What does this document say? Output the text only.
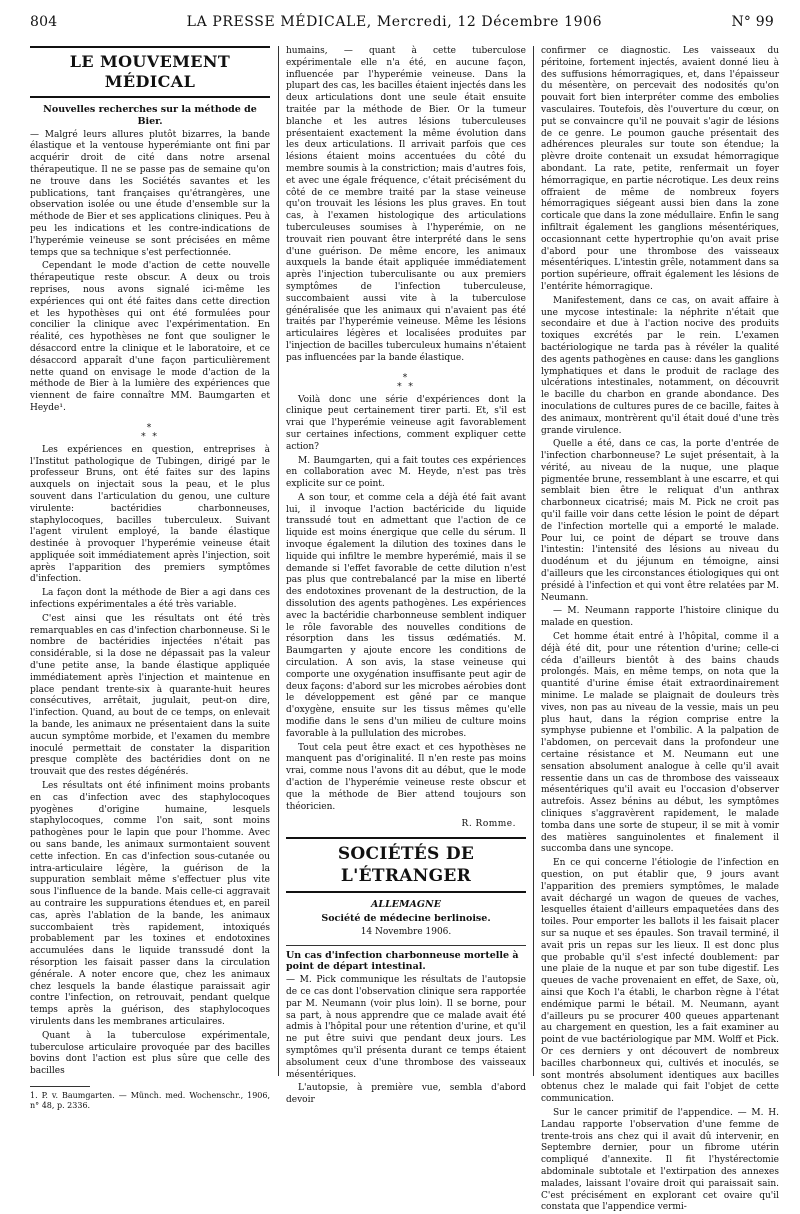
804	LA PRESSE MÉDICALE, Mercredi, 12 Décembre 1906	N° 99
LE MOUVEMENT MÉDICAL
Nouvelles recherches sur la méthode de Bier.

— Malgré leurs allures plutôt bizarres, la bande élastique et la ventouse hyperémiante ont fini par acquérir droit de cité dans notre arsenal thérapeutique. Il ne se passe pas de semaine qu'on ne trouve dans les Sociétés savantes et les publications, tant françaises qu'étrangères, une observation isolée ou une étude d'ensemble sur la méthode de Bier et ses applications cliniques. Peu à peu les indications et les contre-indications de l'hyperémie veineuse se sont précisées en même temps que sa technique s'est perfectionnée.

Cependant le mode d'action de cette nouvelle thérapeutique reste obscur. A deux ou trois reprises, nous avons signalé ici-même les expériences qui ont été faites dans cette direction et les hypothèses qui ont été formulées pour concilier la clinique avec l'expérimentation. En réalité, ces hypothèses ne font que souligner le désaccord entre la clinique et le laboratoire, et ce désaccord apparaît d'une façon particulièrement nette quand on envisage le mode d'action de la méthode de Bier à la lumière des expériences que viennent de faire connaître MM. Baumgarten et Heyde¹.

⁎
⁎ ⁎

Les expériences en question, entreprises à l'Institut pathologique de Tubingen, dirigé par le professeur Bruns, ont été faites sur des lapins auxquels on injectait sous la peau, et le plus souvent dans l'articulation du genou, une culture virulente: bactéridies charbonneuses, staphylocoques, bacilles tuberculeux. Suivant l'agent virulent employé, la bande élastique destinée à provoquer l'hyperémie veineuse était appliquée soit immédiatement après l'injection, soit après l'apparition des premiers symptômes d'infection.

La façon dont la méthode de Bier a agi dans ces infections expérimentales a été très variable.

C'est ainsi que les résultats ont été très remarquables en cas d'infection charbonneuse. Si le nombre de bactéridies injectées n'était pas considérable, si la dose ne dépassait pas la valeur d'une petite anse, la bande élastique appliquée immédiatement après l'injection et maintenue en place pendant trente-six à quarante-huit heures consécutives, arrêtait, jugulait, peut-on dire, l'infection. Quand, au bout de ce temps, on enlevait la bande, les animaux ne présentaient dans la suite aucun symptôme morbide, et l'examen du membre inoculé permettait de constater la disparition presque complète des bactéridies dont on ne trouvait que des restes dégénérés.

Les résultats ont été infiniment moins probants en cas d'infection avec des staphylocoques pyogènes d'origine humaine, lesquels staphylocoques, comme l'on sait, sont moins pathogènes pour le lapin que pour l'homme. Avec ou sans bande, les animaux surmontaient souvent cette infection. En cas d'infection sous-cutanée ou intra-articulaire légère, la guérison de la suppuration semblait même s'effectuer plus vite sous l'influence de la bande. Mais celle-ci aggravait au contraire les suppurations étendues et, en pareil cas, après l'ablation de la bande, les animaux succombaient très rapidement, intoxiqués probablement par les toxines et endotoxines accumulées dans le liquide transsudé dont la résorption les faisait passer dans la circulation générale. A noter encore que, chez les animaux chez lesquels la bande élastique paraissait agir contre l'infection, on retrouvait, pendant quelque temps après la guérison, des staphylocoques virulents dans les membranes articulaires.

Quant à la tuberculose expérimentale, tuberculose articulaire provoquée par des bacilles bovins dont l'action est plus sûre que celle des bacilles

1. P. v. Baumgarten. — Münch. med. Wochenschr., 1906, n° 48, p. 2336.

humains, — quant à cette tuberculose expérimentale elle n'a été, en aucune façon, influencée par l'hyperémie veineuse. Dans la plupart des cas, les bacilles étaient injectés dans les deux articulations dont une seule était ensuite traitée par la méthode de Bier. Or la tumeur blanche et les autres lésions tuberculeuses présentaient exactement la même évolution dans les deux articulations. Il arrivait parfois que ces lésions étaient moins accentuées du côté du membre soumis à la constriction; mais d'autres fois, et avec une égale fréquence, c'était précisément du côté de ce membre traité par la stase veineuse qu'on trouvait les lésions les plus graves. En tout cas, à l'examen histologique des articulations tuberculeuses soumises à l'hyperémie, on ne trouvait rien pouvant être interprété dans le sens d'une guérison. De même encore, les animaux auxquels la bande était appliquée immédiatement après l'injection tuberculisante ou aux premiers symptômes de l'infection tuberculeuse, succombaient aussi vite à la tuberculose généralisée que les animaux qui n'avaient pas été traités par l'hyperémie veineuse. Même les lésions articulaires légères et localisées produites par l'injection de bacilles tuberculeux humains n'étaient pas influencées par la bande élastique.

⁎
⁎ ⁎

Voilà donc une série d'expériences dont la clinique peut certainement tirer parti. Et, s'il est vrai que l'hyperémie veineuse agit favorablement sur certaines infections, comment expliquer cette action?

M. Baumgarten, qui a fait toutes ces expériences en collaboration avec M. Heyde, n'est pas très explicite sur ce point.

A son tour, et comme cela a déjà été fait avant lui, il invoque l'action bactéricide du liquide transsudé tout en admettant que l'action de ce liquide est moins énergique que celle du sérum. Il invoque également la dilution des toxines dans le liquide qui infiltre le membre hyperémié, mais il se demande si l'effet favorable de cette dilution n'est pas plus que contrebalancé par la mise en liberté des endotoxines provenant de la destruction, de la dissolution des agents pathogènes. Les expériences avec la bactéridie charbonneuse semblent indiquer le rôle favorable des nouvelles conditions de résorption dans les tissus œdématiés. M. Baumgarten y ajoute encore les conditions de circulation. A son avis, la stase veineuse qui comporte une oxygénation insuffisante peut agir de deux façons: d'abord sur les microbes aérobies dont le développement est gêné par ce manque d'oxygène, ensuite sur les tissus mêmes qu'elle modifie dans le sens d'un milieu de culture moins favorable à la pullulation des microbes.

Tout cela peut être exact et ces hypothèses ne manquent pas d'originalité. Il n'en reste pas moins vrai, comme nous l'avons dit au début, que le mode d'action de l'hyperémie veineuse reste obscur et que la méthode de Bier attend toujours son théoricien.

R. Romme.
SOCIÉTÉS DE L'ÉTRANGER
ALLEMAGNE
Société de médecine berlinoise.
14 Novembre 1906.
Un cas d'infection charbonneuse mortelle à point de départ intestinal.

— M. Pick communique les résultats de l'autopsie de ce cas dont l'observation clinique sera rapportée par M. Neumann (voir plus loin). Il se borne, pour sa part, à nous apprendre que ce malade avait été admis à l'hôpital pour une rétention d'urine, et qu'il ne put être suivi que pendant deux jours. Les symptômes qu'il présenta durant ce temps étaient absolument ceux d'une thrombose des vaisseaux mésentériques.

L'autopsie, à première vue, sembla d'abord devoir

confirmer ce diagnostic. Les vaisseaux du péritoine, fortement injectés, avaient donné lieu à des suffusions hémorragiques, et, dans l'épaisseur du mésentère, on percevait des nodosités qu'on pouvait fort bien interpréter comme des embolies vasculaires. Toutefois, dès l'ouverture du cœur, on put se convaincre qu'il ne pouvait s'agir de lésions de ce genre. Le poumon gauche présentait des adhérences pleurales sur toute son étendue; la plèvre droite contenait un exsudat hémorragique abondant. La rate, petite, renfermait un foyer hémorragique, en partie nécrotique. Les deux reins offraient de même de nombreux foyers hémorragiques siégeant aussi bien dans la zone corticale que dans la zone médullaire. Enfin le sang infiltrait également les ganglions mésentériques, occasionnant cette hypertrophie qu'on avait prise d'abord pour une thrombose des vaisseaux mésentériques. L'intestin grêle, notamment dans sa portion supérieure, offrait également les lésions de l'entérite hémorragique.

Manifestement, dans ce cas, on avait affaire à une mycose intestinale: la néphrite n'était que secondaire et due à l'action nocive des produits toxiques excrétés par le rein. L'examen bactériologique ne tarda pas à révéler la qualité des agents pathogènes en cause: dans les ganglions lymphatiques et dans le produit de raclage des ulcérations intestinales, notamment, on découvrit le bacille du charbon en grande abondance. Des inoculations de cultures pures de ce bacille, faites à des animaux, montrèrent qu'il était doué d'une très grande virulence.

Quelle a été, dans ce cas, la porte d'entrée de l'infection charbonneuse? Le sujet présentait, à la vérité, au niveau de la nuque, une plaque pigmentée brune, ressemblant à une escarre, et qui semblait bien être le reliquat d'un anthrax charbonneux cicatrisé; mais M. Pick ne croit pas qu'il faille voir dans cette lésion le point de départ de l'infection mortelle qui a emporté le malade. Pour lui, ce point de départ se trouve dans l'intestin: l'intensité des lésions au niveau du duodénum et du jéjunum en témoigne, ainsi d'ailleurs que les circonstances étiologiques qui ont présidé à l'infection et qui vont être relatées par M. Neumann.

— M. Neumann rapporte l'histoire clinique du malade en question.

Cet homme était entré à l'hôpital, comme il a déjà été dit, pour une rétention d'urine; celle-ci céda d'ailleurs bientôt à des bains chauds prolongés. Mais, en même temps, on nota que la quantité d'urine émise était extraordinairement minime. Le malade se plaignait de douleurs très vives, non pas au niveau de la vessie, mais un peu plus haut, dans la région comprise entre la symphyse pubienne et l'ombilic. A la palpation de l'abdomen, on percevait dans la profondeur une certaine résistance et M. Neumann eut une sensation absolument analogue à celle qu'il avait ressentie dans un cas de thrombose des vaisseaux mésentériques qu'il avait eu l'occasion d'observer autrefois. Assez bénins au début, les symptômes cliniques s'aggravèrent rapidement, le malade tomba dans une sorte de stupeur, il se mit à vomir des matières sanguinolentes et finalement il succomba dans une syncope.

En ce qui concerne l'étiologie de l'infection en question, on put établir que, 9 jours avant l'apparition des premiers symptômes, le malade avait déchargé un wagon de queues de vaches, lesquelles étaient d'ailleurs empaquetées dans des toiles. Pour emporter les ballots il les faisait placer sur sa nuque et ses épaules. Son travail terminé, il avait pris un repas sur les lieux. Il est donc plus que probable qu'il s'est infecté doublement: par une plaie de la nuque et par son tube digestif. Les queues de vache provenaient en effet, de Saxe, où, ainsi que Koch l'a établi, le charbon règne à l'état endémique parmi le bétail. M. Neumann, ayant d'ailleurs pu se procurer 400 queues appartenant au chargement en question, les a fait examiner au point de vue bactériologique par MM. Wolff et Pick. Or ces derniers y ont découvert de nombreux bacilles charbonneux qui, cultivés et inoculés, se sont montrés absolument identiques aux bacilles obtenus chez le malade qui fait l'objet de cette communication.

Sur le cancer primitif de l'appendice. — M. H. Landau rapporte l'observation d'une femme de trente-trois ans chez qui il avait dû intervenir, en Septembre dernier, pour un fibrome utérin compliqué d'annexite. Il fit l'hystérectomie abdominale subtotale et l'extirpation des annexes malades, laissant l'ovaire droit qui paraissait sain. C'est précisément en explorant cet ovaire qu'il constata que l'appendice vermi-
